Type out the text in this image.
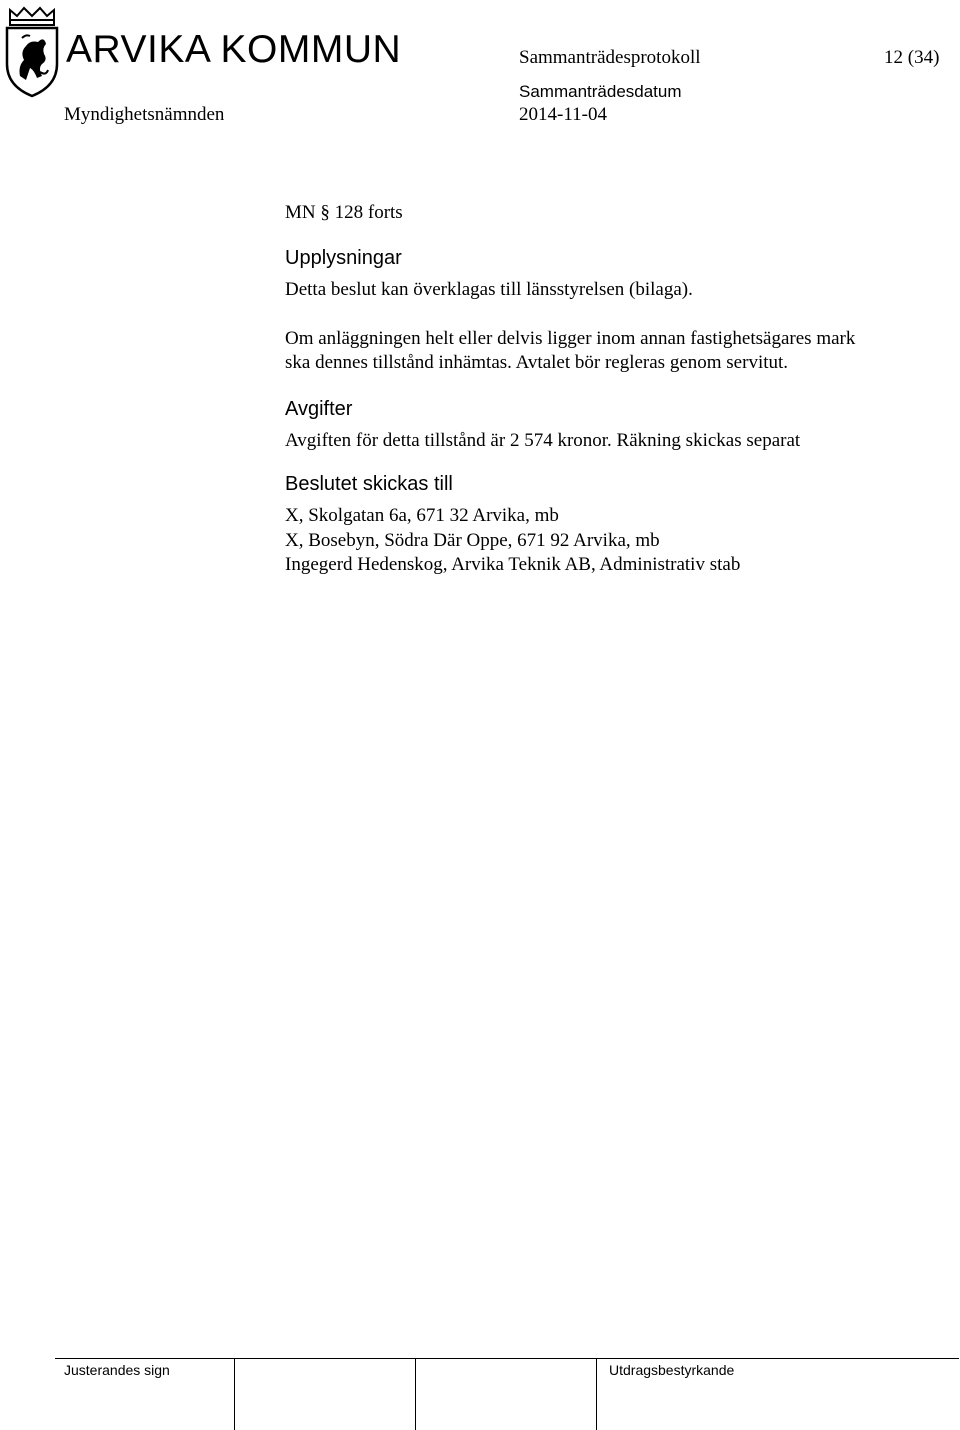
ARVIKA KOMMUN	Sammanträdesprotokoll	12 (34)
Sammanträdesdatum
Myndighetsnämnden	2014-11-04
MN § 128 forts
Upplysningar
Detta beslut kan överklagas till länsstyrelsen (bilaga).
Om anläggningen helt eller delvis ligger inom annan fastighetsägares mark
ska dennes tillstånd inhämtas. Avtalet bör regleras genom servitut.
Avgifter
Avgiften för detta tillstånd är 2 574 kronor. Räkning skickas separat
Beslutet skickas till
X, Skolgatan 6a, 671 32 Arvika, mb
X, Bosebyn, Södra Där Oppe, 671 92 Arvika, mb
Ingegerd Hedenskog, Arvika Teknik AB, Administrativ stab
Justerandes sign	Utdragsbestyrkande
